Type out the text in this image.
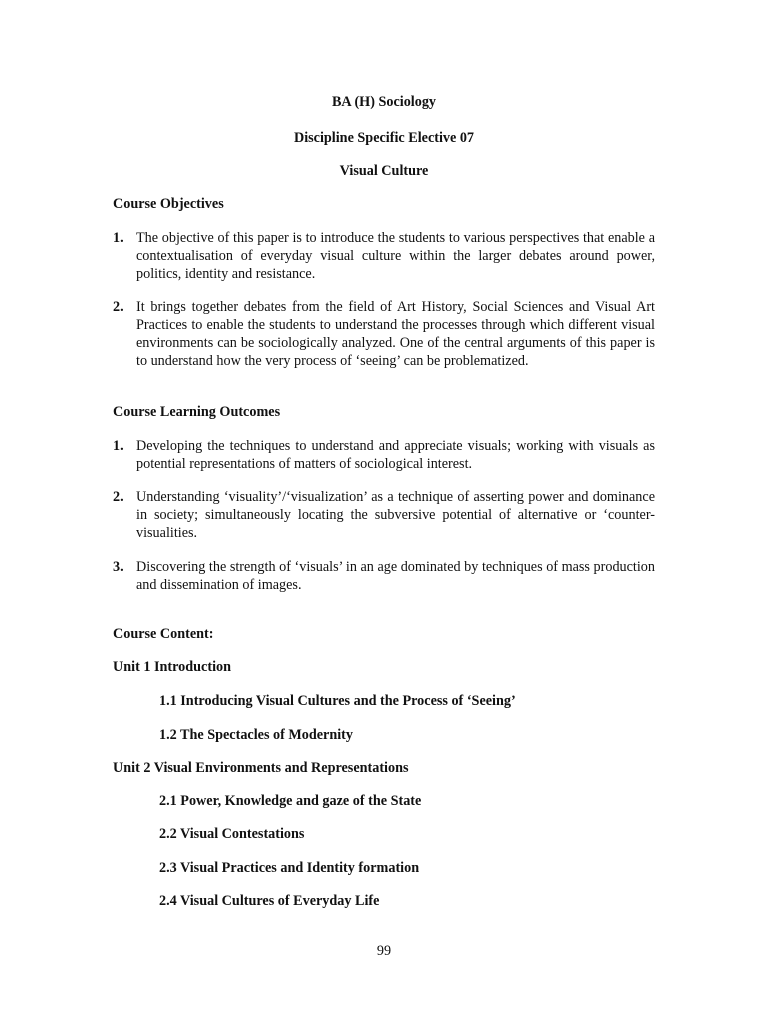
BA (H) Sociology
Discipline Specific Elective 07
Visual Culture
Course Objectives
1. The objective of this paper is to introduce the students to various perspectives that enable a contextualisation of everyday visual culture within the larger debates around power, politics, identity and resistance.
2. It brings together debates from the field of Art History, Social Sciences and Visual Art Practices to enable the students to understand the processes through which different visual environments can be sociologically analyzed. One of the central arguments of this paper is to understand how the very process of ‘seeing’ can be problematized.
Course Learning Outcomes
1. Developing the techniques to understand and appreciate visuals; working with visuals as potential representations of matters of sociological interest.
2. Understanding ‘visuality’/‘visualization’ as a technique of asserting power and dominance in society; simultaneously locating the subversive potential of alternative or ‘counter-visualities.
3. Discovering the strength of ‘visuals’ in an age dominated by techniques of mass production and dissemination of images.
Course Content:
Unit 1 Introduction
1.1 Introducing Visual Cultures and the Process of ‘Seeing’
1.2 The Spectacles of Modernity
Unit 2 Visual Environments and Representations
2.1 Power, Knowledge and gaze of the State
2.2 Visual Contestations
2.3 Visual Practices and Identity formation
2.4 Visual Cultures of Everyday Life
99
